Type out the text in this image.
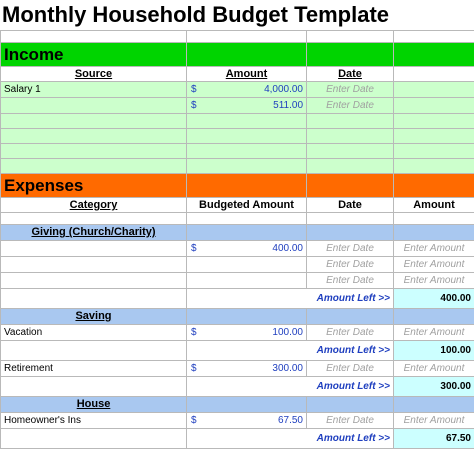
Monthly Household Budget Template

Income			
Source	Amount	Date	
Salary 1	$ 4,000.00	Enter Date	

	$ 511.00	Enter Date	

Expenses			
Category	Budgeted Amount	Date	Amount

Giving (Church/Charity)			

	$ 400.00	Enter Date	Enter Amount
		Enter Date	Enter Amount
		Enter Date	Enter Amount
	Amount Left >>		400.00
Saving			
Vacation	$ 100.00	Enter Date	Enter Amount
	Amount Left >>		100.00
Retirement	$ 300.00	Enter Date	Enter Amount
	Amount Left >>		300.00
House			
Homeowner's Ins	$ 67.50	Enter Date	Enter Amount
	Amount Left >>		67.50
